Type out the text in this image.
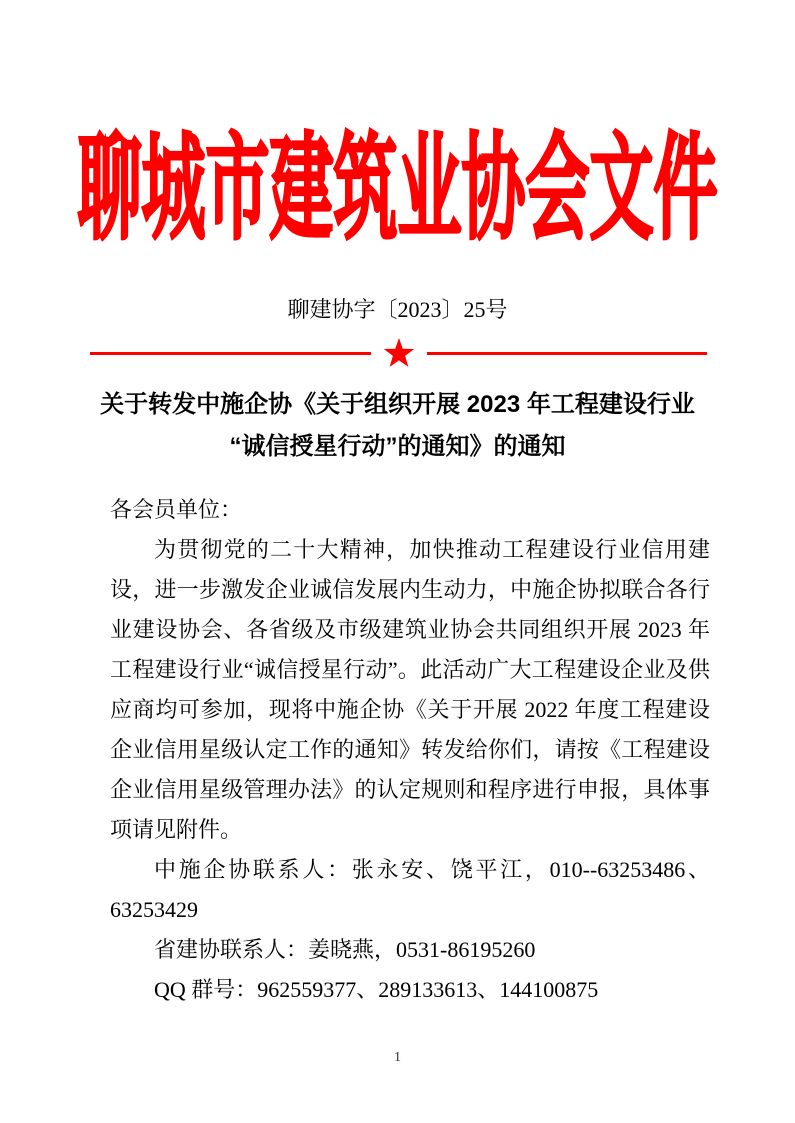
聊城市建筑业协会文件
聊建协字〔2023〕25号
关于转发中施企协《关于组织开展 2023 年工程建设行业
“诚信授星行动”的通知》的通知

各会员单位：

为贯彻党的二十大精神，加快推动工程建设行业信用建设，进一步激发企业诚信发展内生动力，中施企协拟联合各行业建设协会、各省级及市级建筑业协会共同组织开展 2023 年工程建设行业“诚信授星行动”。此活动广大工程建设企业及供应商均可参加，现将中施企协《关于开展 2022 年度工程建设企业信用星级认定工作的通知》转发给你们，请按《工程建设企业信用星级管理办法》的认定规则和程序进行申报，具体事项请见附件。

中施企协联系人：张永安、饶平江，010--63253486、63253429

省建协联系人：姜晓燕，0531-86195260

QQ 群号：962559377、289133613、144100875

1
